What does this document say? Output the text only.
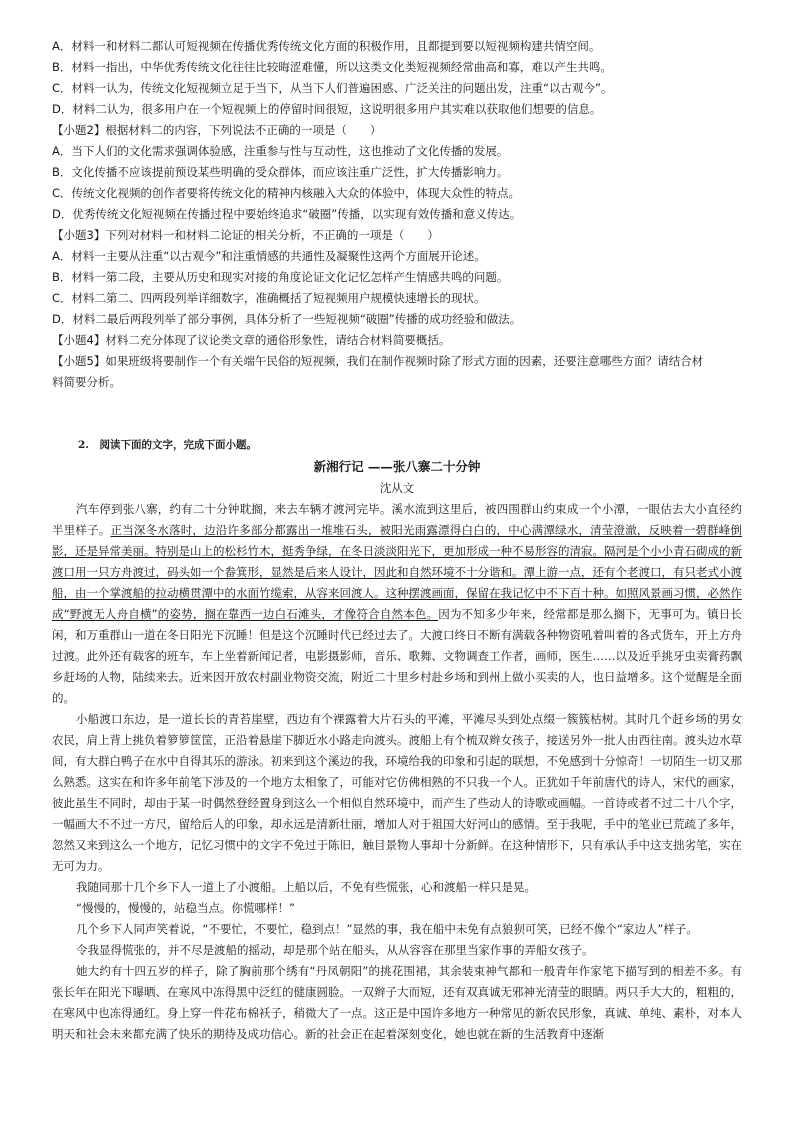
A．材料一和材料二都认可短视频在传播优秀传统文化方面的积极作用，且都提到要以短视频构建共情空间。
B．材料一指出，中华优秀传统文化往往比较晦涩难懂，所以这类文化类短视频经常曲高和寡，难以产生共鸣。
C．材料一认为，传统文化短视频立足于当下，从当下人们普遍困惑、广泛关注的问题出发，注重“以古观今”。
D．材料二认为，很多用户在一个短视频上的停留时间很短，这说明很多用户其实难以获取他们想要的信息。
【小题2】根据材料二的内容，下列说法不正确的一项是（　　）
A．当下人们的文化需求强调体验感，注重参与性与互动性，这也推动了文化传播的发展。
B．文化传播不应该提前预设某些明确的受众群体，而应该注重广泛性，扩大传播影响力。
C．传统文化视频的创作者要将传统文化的精神内核融入大众的体验中，体现大众性的特点。
D．优秀传统文化短视频在传播过程中要始终追求“破圈”传播，以实现有效传播和意义传达。
【小题3】下列对材料一和材料二论证的相关分析，不正确的一项是（　　）
A．材料一主要从注重“以古观今”和注重情感的共通性及凝聚性这两个方面展开论述。
B．材料一第二段，主要从历史和现实对接的角度论证文化记忆怎样产生情感共鸣的问题。
C．材料二第二、四两段列举详细数字，准确概括了短视频用户规模快速增长的现状。
D．材料二最后两段列举了部分事例，具体分析了一些短视频“破圈”传播的成功经验和做法。
【小题4】材料二充分体现了议论类文章的通俗形象性，请结合材料简要概括。
【小题5】如果班级将要制作一个有关端午民俗的短视频，我们在制作视频时除了形式方面的因素，还要注意哪些方面？请结合材
料简要分析。
2.　阅读下面的文字，完成下面小题。
新湘行记 ——张八寨二十分钟
沈从文
汽车停到张八寨，约有二十分钟耽搁，来去车辆才渡河完毕。溪水流到这里后，被四围群山约束成一个小潭，一眼估去大小直径约半里样子。正当深冬水落时，边沿许多部分都露出一堆堆石头，被阳光雨露漂得白白的，中心满潭绿水，清莹澄澈，反映着一碧群峰倒影，还是异常美丽。特别是山上的松杉竹木，挺秀争绿，在冬日淡淡阳光下，更加形成一种不易形容的清寂。隔河是个小小青石砌成的新渡口用一只方舟渡过，码头如一个畚箕形，显然是后来人设计，因此和自然环境不十分谐和。潭上游一点，还有个老渡口，有只老式小渡船，由一个掌渡船的拉动横贯潭中的水面竹缆索，从容来回渡人。这种摆渡画面，保留在我记忆中不下百十种。如照风景画习惯，必然作成“野渡无人舟自横”的姿势，搁在靠西一边白石滩头，才像符合自然本色。因为不知多少年来，经常都是那么搁下，无事可为。镇日长闲，和万重群山一道在冬日阳光下沉睡！但是这个沉睡时代已经过去了。大渡口终日不断有满载各种物资吼着叫着的各式货车，开上方舟过渡。此外还有载客的班车，车上坐着新闻记者，电影摄影师，音乐、歌舞、文物调查工作者，画师，医生……以及近乎挑牙虫卖膏药飘乡赶场的人物，陆续来去。近来因开放农村副业物资交流，附近二十里乡村赴乡场和到州上做小买卖的人，也日益增多。这个觉醒是全面的。
小船渡口东边，是一道长长的青苔崖壁，西边有个裸露着大片石头的平滩，平滩尽头到处点缀一簇簇枯树。其时几个赶乡场的男女农民，肩上背上挑负着箩箩筐筐，正沿着悬崖下脚近水小路走向渡头。渡船上有个梳双辫女孩子，接送另外一批人由西往南。渡头边水草间，有大群白鸭子在水中自得其乐的游泳。初来到这个溪边的我，环境给我的印象和引起的联想，不免感到十分惊奇！一切陌生一切又那么熟悉。这实在和许多年前笔下涉及的一个地方太相象了，可能对它仿佛相熟的不只我一个人。正犹如千年前唐代的诗人，宋代的画家，彼此虽生不同时，却由于某一时偶然登经置身到这么一个相似自然环境中，而产生了些动人的诗歌或画幅。一首诗或者不过二十八个字，一幅画大不不过一方尺，留给后人的印象，却永远是清新壮丽，增加人对于祖国大好河山的感情。至于我呢，手中的笔业已荒疏了多年，忽然又来到这么一个地方，记忆习惯中的文字不免过于陈旧，触目景物人事却十分新鲜。在这种情形下，只有承认手中这支拙劣笔，实在无可为力。
我随同那十几个乡下人一道上了小渡船。上船以后，不免有些慌张，心和渡船一样只是晃。
“慢慢的，慢慢的，站稳当点。你慌哪样！”
几个乡下人同声笑着说，“不要忙，不要忙，稳到点！”显然的事，我在船中未免有点狼狈可笑，已经不像个“家边人”样子。
令我显得慌张的，并不尽是渡船的摇动，却是那个站在船头，从从容容在那里当家作事的弄船女孩子。
她大约有十四五岁的样子，除了胸前那个绣有“丹凤朝阳”的挑花围裙，其余装束神气都和一般青年作家笔下描写到的相差不多。有张长年在阳光下曝晒、在寒风中冻得黑中泛红的健康圆脸。一双辫子大而短，还有双真诚无邪神光清莹的眼睛。两只手大大的，粗粗的，在寒风中也冻得通红。身上穿一件花布棉袄子，稍微大了一点。这正是中国许多地方一种常见的新农民形象，真诚、单纯、素朴，对本人明天和社会未来都充满了快乐的期待及成功信心。新的社会正在起着深刻变化，她也就在新的生活教育中逐渐
